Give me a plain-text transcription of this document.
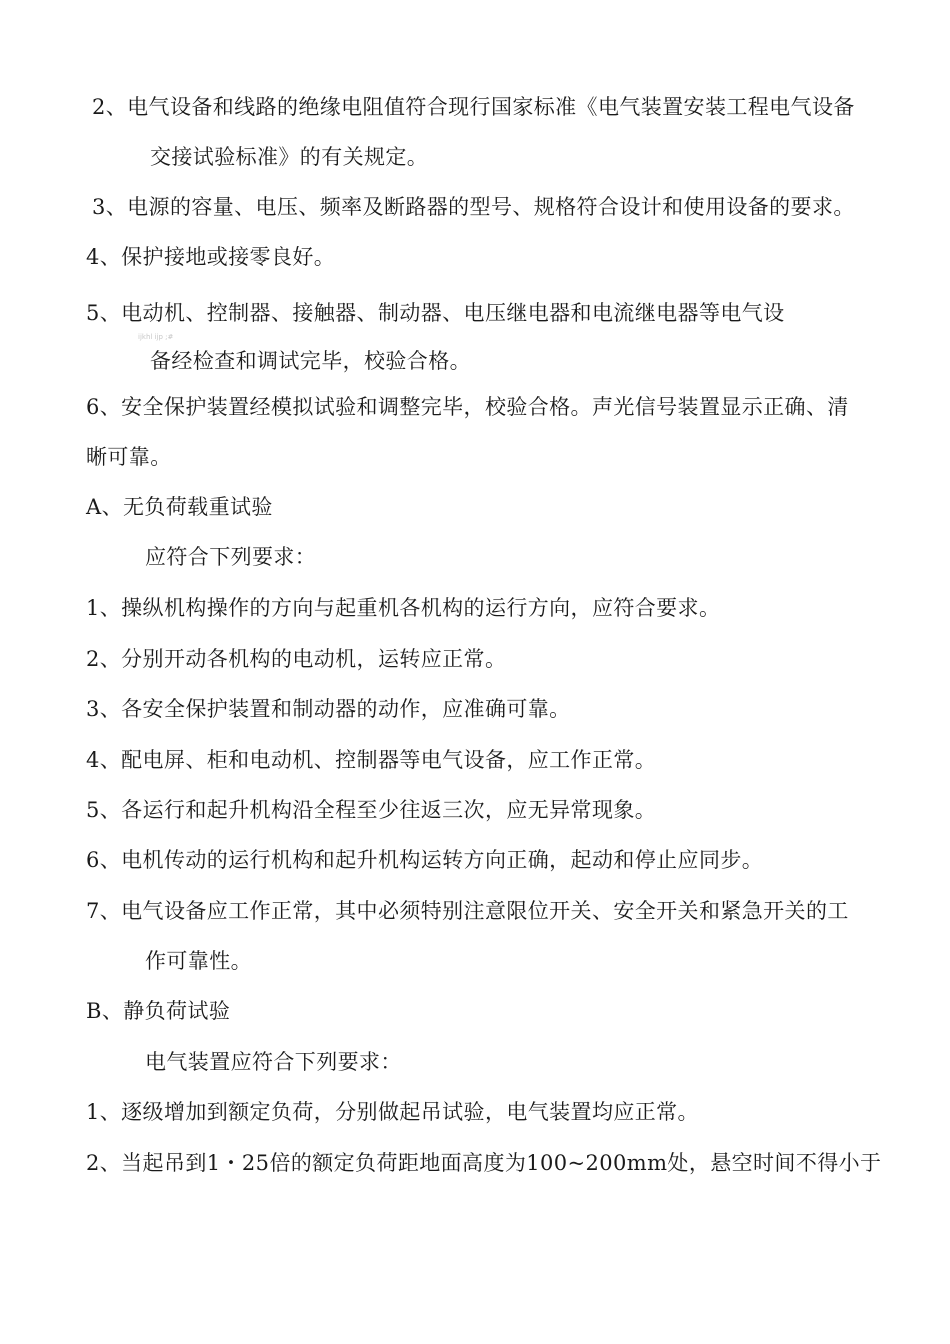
2、电气设备和线路的绝缘电阻值符合现行国家标准《电气装置安装工程电气设备
交接试验标准》的有关规定。
3、电源的容量、电压、频率及断路器的型号、规格符合设计和使用设备的要求。
4、保护接地或接零良好。
5、电动机、控制器、接触器、制动器、电压继电器和电流继电器等电气设
ijkhl ijp ;#
备经检查和调试完毕，校验合格。
6、安全保护装置经模拟试验和调整完毕，校验合格。声光信号装置显示正确、清
晰可靠。
A、无负荷载重试验
应符合下列要求：
1、操纵机构操作的方向与起重机各机构的运行方向，应符合要求。
2、分别开动各机构的电动机，运转应正常。
3、各安全保护装置和制动器的动作，应准确可靠。
4、配电屏、柜和电动机、控制器等电气设备，应工作正常。
5、各运行和起升机构沿全程至少往返三次，应无异常现象。
6、电机传动的运行机构和起升机构运转方向正确，起动和停止应同步。
7、电气设备应工作正常，其中必须特别注意限位开关、安全开关和紧急开关的工
作可靠性。
B、静负荷试验
电气装置应符合下列要求：
1、逐级增加到额定负荷，分别做起吊试验，电气装置均应正常。
2、当起吊到1・25倍的额定负荷距地面高度为100~200mm处，悬空时间不得小于
